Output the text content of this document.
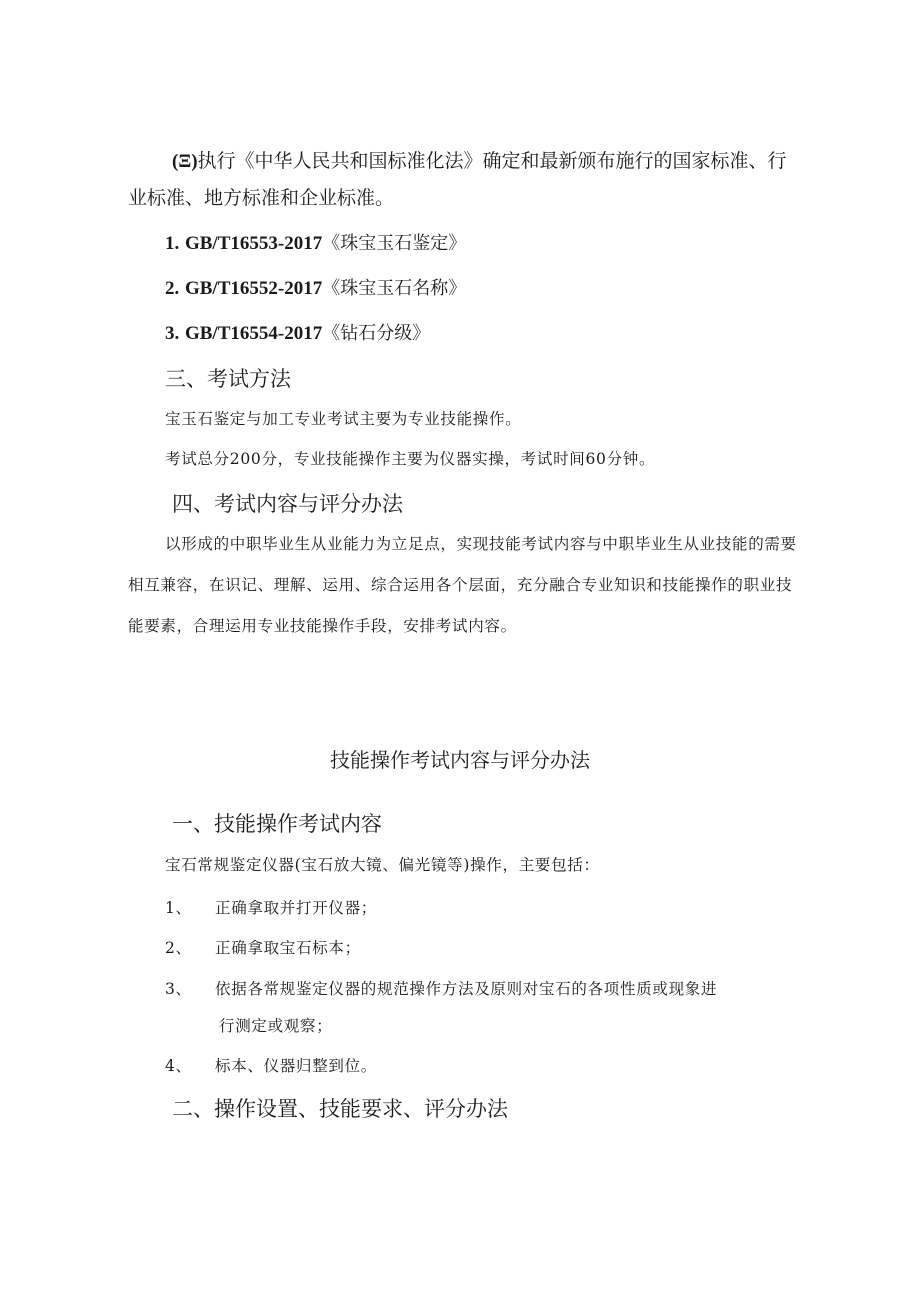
(Ξ)执行《中华人民共和国标准化法》确定和最新颁布施行的国家标准、行
业标准、地方标准和企业标准。
1. GB/T16553-2017《珠宝玉石鉴定》
2. GB/T16552-2017《珠宝玉石名称》
3. GB/T16554-2017《钻石分级》
三、考试方法
宝玉石鉴定与加工专业考试主要为专业技能操作。
考试总分200分，专业技能操作主要为仪器实操，考试时间60分钟。
四、考试内容与评分办法
以形成的中职毕业生从业能力为立足点，实现技能考试内容与中职毕业生从业技能的需要
相互兼容，在识记、理解、运用、综合运用各个层面，充分融合专业知识和技能操作的职业技
能要素，合理运用专业技能操作手段，安排考试内容。
技能操作考试内容与评分办法
一、技能操作考试内容
宝石常规鉴定仪器(宝石放大镜、偏光镜等)操作，主要包括：
1、 正确拿取并打开仪器；
2、 正确拿取宝石标本；
3、 依据各常规鉴定仪器的规范操作方法及原则对宝石的各项性质或现象进
行测定或观察；
4、 标本、仪器归整到位。
二、操作设置、技能要求、评分办法
